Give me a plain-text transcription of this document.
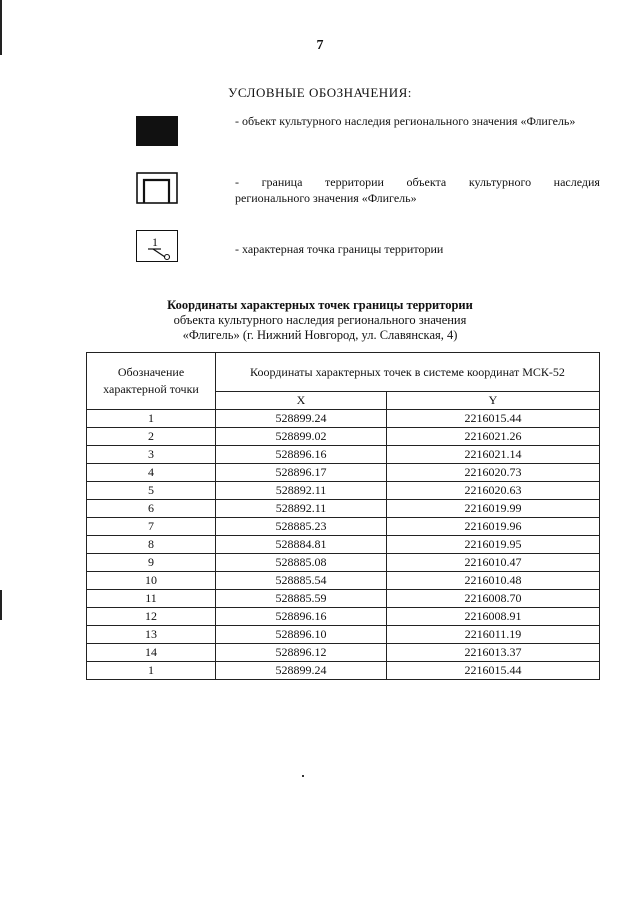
7
УСЛОВНЫЕ ОБОЗНАЧЕНИЯ:
1
- объект культурного наследия регионального значения «Флигель»
- граница территории объекта культурного наследия
регионального значения «Флигель»
- характерная точка границы территории
Координаты характерных точек границы территории
объекта культурного наследия регионального значения
«Флигель» (г. Нижний Новгород, ул. Славянская, 4)
Обозначение характерной точки	Координаты характерных точек в системе координат МСК-52	
	X	Y
1	528899.24	2216015.44
2	528899.02	2216021.26
3	528896.16	2216021.14
4	528896.17	2216020.73
5	528892.11	2216020.63
6	528892.11	2216019.99
7	528885.23	2216019.96
8	528884.81	2216019.95
9	528885.08	2216010.47
10	528885.54	2216010.48
11	528885.59	2216008.70
12	528896.16	2216008.91
13	528896.10	2216011.19
14	528896.12	2216013.37
1	528899.24	2216015.44
